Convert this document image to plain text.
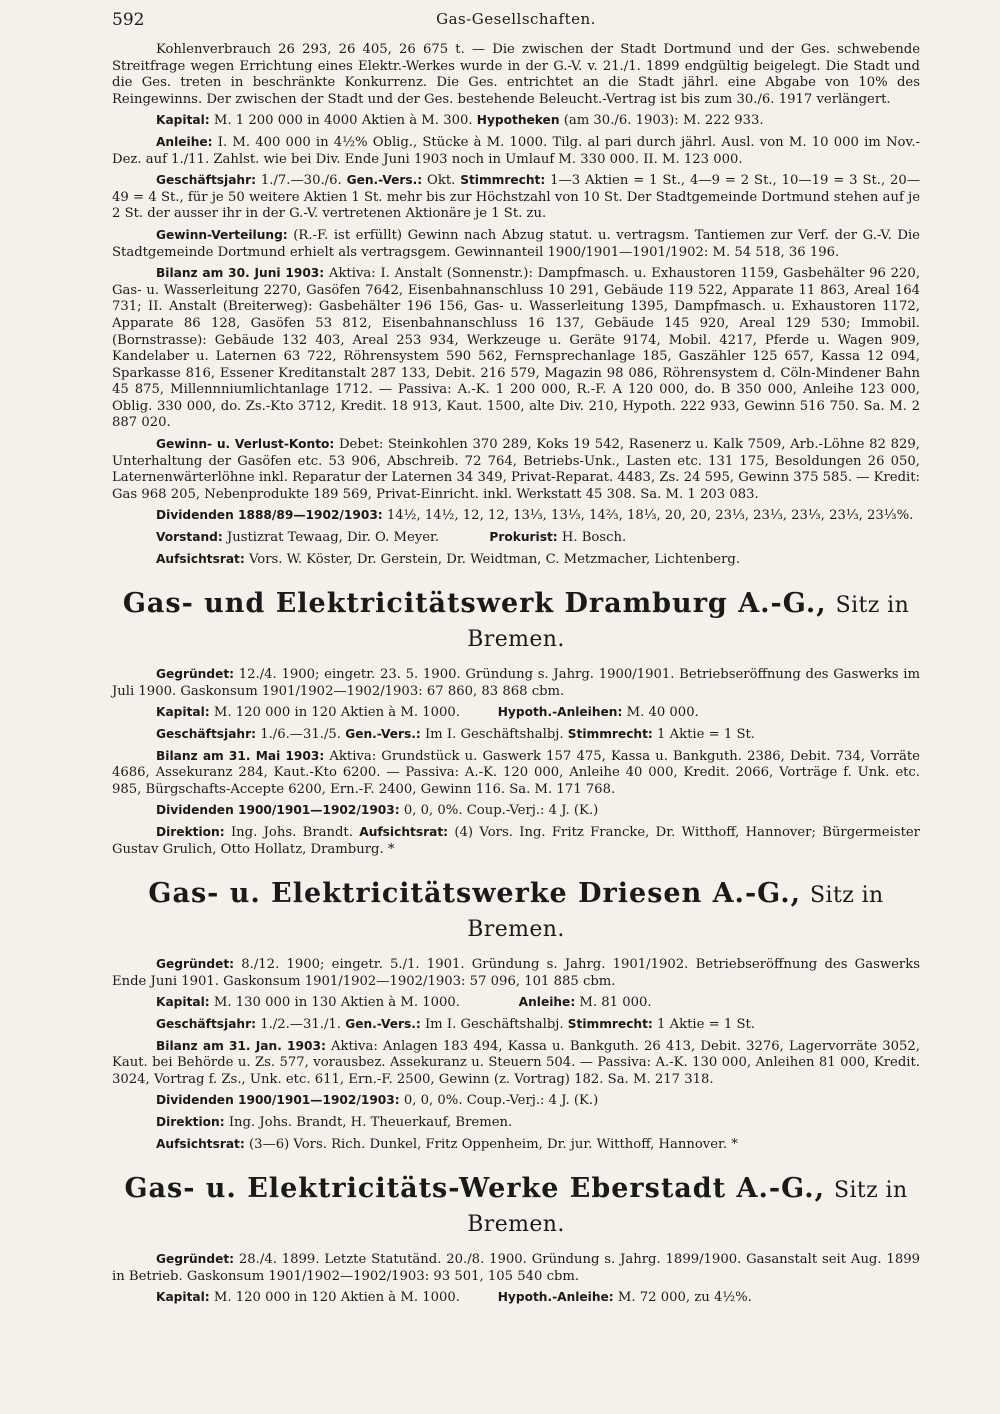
592	Gas-Gesellschaften.

Kohlenverbrauch 26 293, 26 405, 26 675 t. — Die zwischen der Stadt Dortmund und der Ges. schwebende Streitfrage wegen Errichtung eines Elektr.-Werkes wurde in der G.-V. v. 21./1. 1899 endgültig beigelegt. Die Stadt und die Ges. treten in beschränkte Konkurrenz. Die Ges. entrichtet an die Stadt jährl. eine Abgabe von 10% des Reingewinns. Der zwischen der Stadt und der Ges. bestehende Beleucht.-Vertrag ist bis zum 30./6. 1917 verlängert.

Kapital: M. 1 200 000 in 4000 Aktien à M. 300. Hypotheken (am 30./6. 1903): M. 222 933.

Anleihe: I. M. 400 000 in 4½% Oblig., Stücke à M. 1000. Tilg. al pari durch jährl. Ausl. von M. 10 000 im Nov.-Dez. auf 1./11. Zahlst. wie bei Div. Ende Juni 1903 noch in Umlauf M. 330 000. II. M. 123 000.

Geschäftsjahr: 1./7.—30./6. Gen.-Vers.: Okt. Stimmrecht: 1—3 Aktien = 1 St., 4—9 = 2 St., 10—19 = 3 St., 20—49 = 4 St., für je 50 weitere Aktien 1 St. mehr bis zur Höchstzahl von 10 St. Der Stadtgemeinde Dortmund stehen auf je 2 St. der ausser ihr in der G.-V. vertretenen Aktionäre je 1 St. zu.

Gewinn-Verteilung: (R.-F. ist erfüllt) Gewinn nach Abzug statut. u. vertragsm. Tantiemen zur Verf. der G.-V. Die Stadtgemeinde Dortmund erhielt als vertragsgem. Gewinnanteil 1900/1901—1901/1902: M. 54 518, 36 196.

Bilanz am 30. Juni 1903: Aktiva: I. Anstalt (Sonnenstr.): Dampfmasch. u. Exhaustoren 1159, Gasbehälter 96 220, Gas- u. Wasserleitung 2270, Gasöfen 7642, Eisenbahnanschluss 10 291, Gebäude 119 522, Apparate 11 863, Areal 164 731; II. Anstalt (Breiterweg): Gasbehälter 196 156, Gas- u. Wasserleitung 1395, Dampfmasch. u. Exhaustoren 1172, Apparate 86 128, Gasöfen 53 812, Eisenbahnanschluss 16 137, Gebäude 145 920, Areal 129 530; Immobil. (Bornstrasse): Gebäude 132 403, Areal 253 934, Werkzeuge u. Geräte 9174, Mobil. 4217, Pferde u. Wagen 909, Kandelaber u. Laternen 63 722, Röhrensystem 590 562, Fernsprechanlage 185, Gaszähler 125 657, Kassa 12 094, Sparkasse 816, Essener Kreditanstalt 287 133, Debit. 216 579, Magazin 98 086, Röhrensystem d. Cöln-Mindener Bahn 45 875, Millennniumlichtanlage 1712. — Passiva: A.-K. 1 200 000, R.-F. A 120 000, do. B 350 000, Anleihe 123 000, Oblig. 330 000, do. Zs.-Kto 3712, Kredit. 18 913, Kaut. 1500, alte Div. 210, Hypoth. 222 933, Gewinn 516 750. Sa. M. 2 887 020.

Gewinn- u. Verlust-Konto: Debet: Steinkohlen 370 289, Koks 19 542, Rasenerz u. Kalk 7509, Arb.-Löhne 82 829, Unterhaltung der Gasöfen etc. 53 906, Abschreib. 72 764, Betriebs-Unk., Lasten etc. 131 175, Besoldungen 26 050, Laternenwärterlöhne inkl. Reparatur der Laternen 34 349, Privat-Reparat. 4483, Zs. 24 595, Gewinn 375 585. — Kredit: Gas 968 205, Nebenprodukte 189 569, Privat-Einricht. inkl. Werkstatt 45 308. Sa. M. 1 203 083.

Dividenden 1888/89—1902/1903: 14½, 14½, 12, 12, 13⅓, 13⅓, 14⅔, 18⅓, 20, 20, 23⅓, 23⅓, 23⅓, 23⅓, 23⅓%.

Vorstand: Justizrat Tewaag, Dir. O. Meyer.	Prokurist: H. Bosch.

Aufsichtsrat: Vors. W. Köster, Dr. Gerstein, Dr. Weidtman, C. Metzmacher, Lichtenberg.

Gas- und Elektricitätswerk Dramburg A.-G., Sitz in Bremen.

Gegründet: 12./4. 1900; eingetr. 23. 5. 1900. Gründung s. Jahrg. 1900/1901. Betriebseröffnung des Gaswerks im Juli 1900. Gaskonsum 1901/1902—1902/1903: 67 860, 83 868 cbm.

Kapital: M. 120 000 in 120 Aktien à M. 1000.	Hypoth.-Anleihen: M. 40 000.

Geschäftsjahr: 1./6.—31./5. Gen.-Vers.: Im I. Geschäftshalbj. Stimmrecht: 1 Aktie = 1 St.

Bilanz am 31. Mai 1903: Aktiva: Grundstück u. Gaswerk 157 475, Kassa u. Bankguth. 2386, Debit. 734, Vorräte 4686, Assekuranz 284, Kaut.-Kto 6200. — Passiva: A.-K. 120 000, Anleihe 40 000, Kredit. 2066, Vorträge f. Unk. etc. 985, Bürgschafts-Accepte 6200, Ern.-F. 2400, Gewinn 116. Sa. M. 171 768.

Dividenden 1900/1901—1902/1903: 0, 0, 0%. Coup.-Verj.: 4 J. (K.)

Direktion: Ing. Johs. Brandt. Aufsichtsrat: (4) Vors. Ing. Fritz Francke, Dr. Witthoff, Hannover; Bürgermeister Gustav Grulich, Otto Hollatz, Dramburg. *

Gas- u. Elektricitätswerke Driesen A.-G., Sitz in Bremen.

Gegründet: 8./12. 1900; eingetr. 5./1. 1901. Gründung s. Jahrg. 1901/1902. Betriebseröffnung des Gaswerks Ende Juni 1901. Gaskonsum 1901/1902—1902/1903: 57 096, 101 885 cbm.

Kapital: M. 130 000 in 130 Aktien à M. 1000.	Anleihe: M. 81 000.

Geschäftsjahr: 1./2.—31./1. Gen.-Vers.: Im I. Geschäftshalbj. Stimmrecht: 1 Aktie = 1 St.

Bilanz am 31. Jan. 1903: Aktiva: Anlagen 183 494, Kassa u. Bankguth. 26 413, Debit. 3276, Lagervorräte 3052, Kaut. bei Behörde u. Zs. 577, vorausbez. Assekuranz u. Steuern 504. — Passiva: A.-K. 130 000, Anleihen 81 000, Kredit. 3024, Vortrag f. Zs., Unk. etc. 611, Ern.-F. 2500, Gewinn (z. Vortrag) 182. Sa. M. 217 318.

Dividenden 1900/1901—1902/1903: 0, 0, 0%. Coup.-Verj.: 4 J. (K.)

Direktion: Ing. Johs. Brandt, H. Theuerkauf, Bremen.

Aufsichtsrat: (3—6) Vors. Rich. Dunkel, Fritz Oppenheim, Dr. jur. Witthoff, Hannover. *

Gas- u. Elektricitäts-Werke Eberstadt A.-G., Sitz in Bremen.

Gegründet: 28./4. 1899. Letzte Statutänd. 20./8. 1900. Gründung s. Jahrg. 1899/1900. Gasanstalt seit Aug. 1899 in Betrieb. Gaskonsum 1901/1902—1902/1903: 93 501, 105 540 cbm.

Kapital: M. 120 000 in 120 Aktien à M. 1000.	Hypoth.-Anleihe: M. 72 000, zu 4½%.
